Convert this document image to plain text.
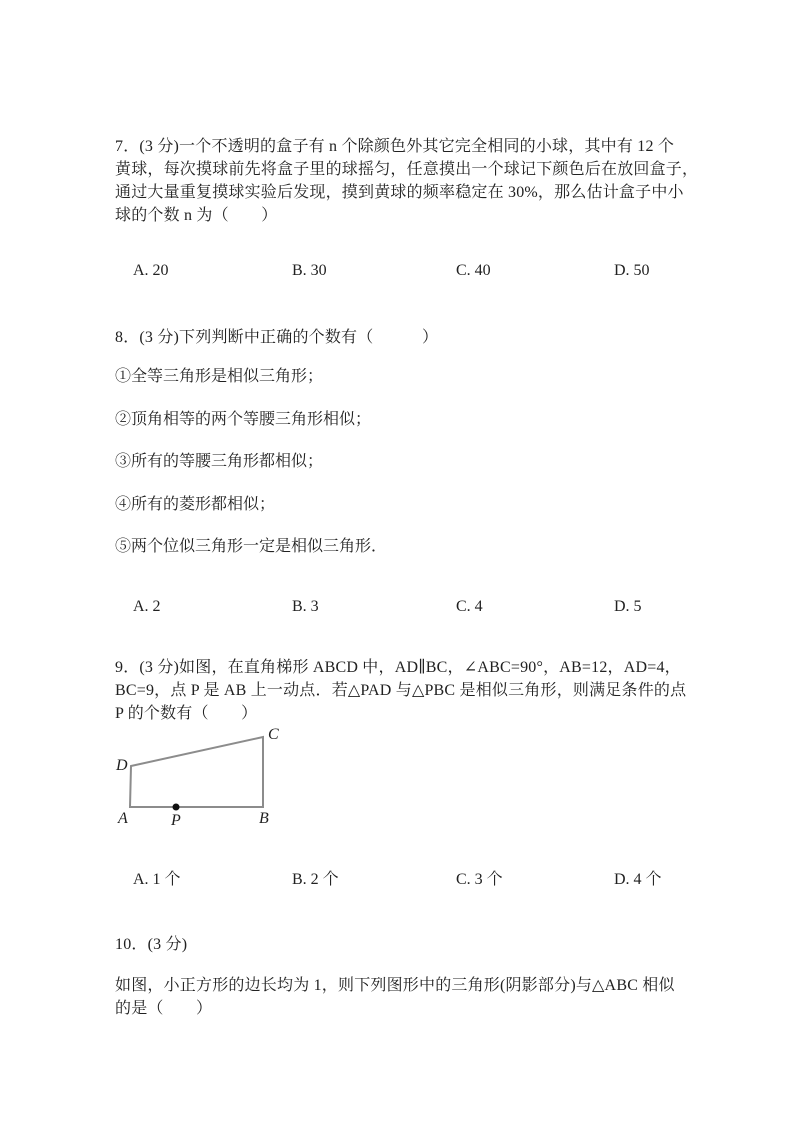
7．(3 分)一个不透明的盒子有 n 个除颜色外其它完全相同的小球，其中有 12 个
黄球，每次摸球前先将盒子里的球摇匀，任意摸出一个球记下颜色后在放回盒子，
通过大量重复摸球实验后发现，摸到黄球的频率稳定在 30%，那么估计盒子中小
球的个数 n 为（　　）
A. 20	B. 30	C. 40	D. 50
8．(3 分)下列判断中正确的个数有（　　　）
①全等三角形是相似三角形；
②顶角相等的两个等腰三角形相似；
③所有的等腰三角形都相似；
④所有的菱形都相似；
⑤两个位似三角形一定是相似三角形．
A. 2	B. 3	C. 4	D. 5
9．(3 分)如图，在直角梯形 ABCD 中，AD∥BC，∠ABC=90°，AB=12，AD=4，
BC=9，点 P 是 AB 上一动点．若△PAD 与△PBC 是相似三角形，则满足条件的点
P 的个数有（　　）
A	B
C
D
P
A. 1 个	B. 2 个	C. 3 个	D. 4 个
10．(3 分)
如图，小正方形的边长均为 1，则下列图形中的三角形(阴影部分)与△ABC 相似
的是（　　）
